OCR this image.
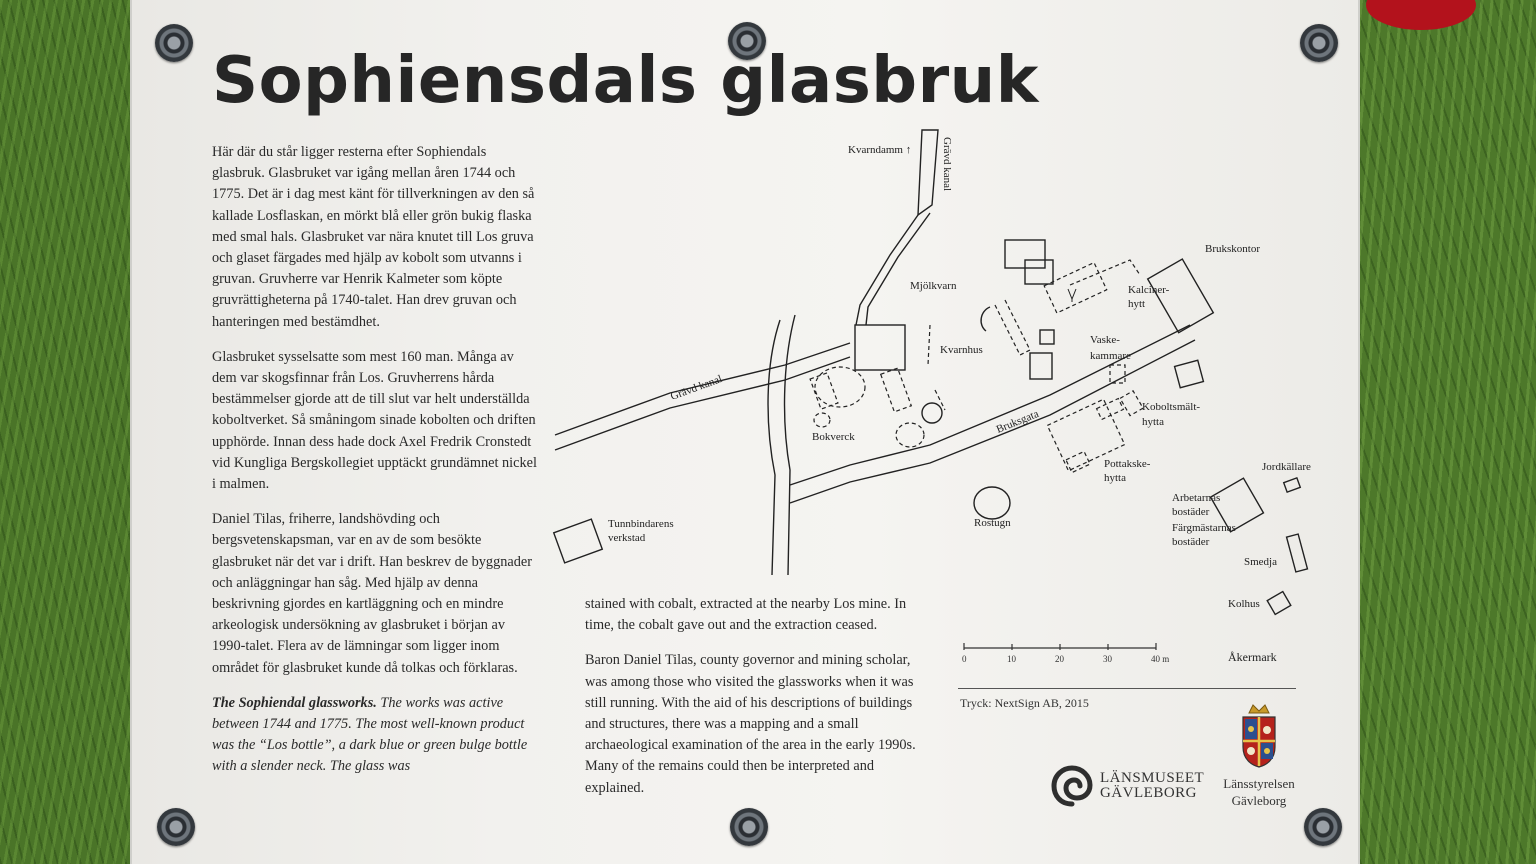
Sophiensdals glasbruk

Här där du står ligger resterna efter Sophiendals glasbruk. Glasbruket var igång mellan åren 1744 och 1775. Det är i dag mest känt för tillverkningen av den så kallade Losflaskan, en mörkt blå eller grön bukig flaska med smal hals. Glasbruket var nära knutet till Los gruva och glaset färgades med hjälp av kobolt som utvanns i gruvan. Gruvherre var Henrik Kalmeter som köpte gruvrättigheterna på 1740-talet. Han drev gruvan och hanteringen med bestämdhet.

Glasbruket sysselsatte som mest 160 man. Många av dem var skogsfinnar från Los. Gruvherrens hårda bestämmelser gjorde att de till slut var helt underställda koboltverket. Så småningom sinade kobolten och driften upphörde. Innan dess hade dock Axel Fredrik Cronstedt vid Kungliga Bergskollegiet upptäckt grundämnet nickel i malmen.

Daniel Tilas, friherre, landshövding och bergsvetenskapsman, var en av de som besökte glasbruket när det var i drift. Han beskrev de byggnader och anläggningar han såg. Med hjälp av denna beskrivning gjordes en kartläggning och en mindre arkeologisk undersökning av glasbruket i början av 1990-talet. Flera av de lämningar som ligger inom området för glasbruket kunde då tolkas och förklaras.

The Sophiendal glassworks. The works was active between 1744 and 1775. The most well-known product was the “Los bottle”, a dark blue or green bulge bottle with a slender neck. The glass was

stained with cobalt, extracted at the nearby Los mine. In time, the cobalt gave out and the extraction ceased.

Baron Daniel Tilas, county governor and mining scholar, was among those who visited the glassworks when it was still running. With the aid of his descriptions of buildings and structures, there was a mapping and a small archaeological examination of the area in the early 1990s. Many of the remains could then be interpreted and explained.

Kvarndamm ↑	Grävd kanal
Grävd kanal
Mjölkvarn	Kalciner-
hytt
Brukskontor
Kvarnhus
Vaske-
kammare
Koboltsmält-
hytta
Bruksgata
Bokverck
Pottakske-
hytta
Jordkällare
Arbetarnas
bostäder
Färgmästarnas
bostäder
Tunnbindarens
verkstad
Rostugn
Smedja
Kolhus
0	10	20	30	40 m	Åkermark
Tryck: NextSign AB, 2015
LÄNSMUSEET
GÄVLEBORG
Länsstyrelsen
Gävleborg
